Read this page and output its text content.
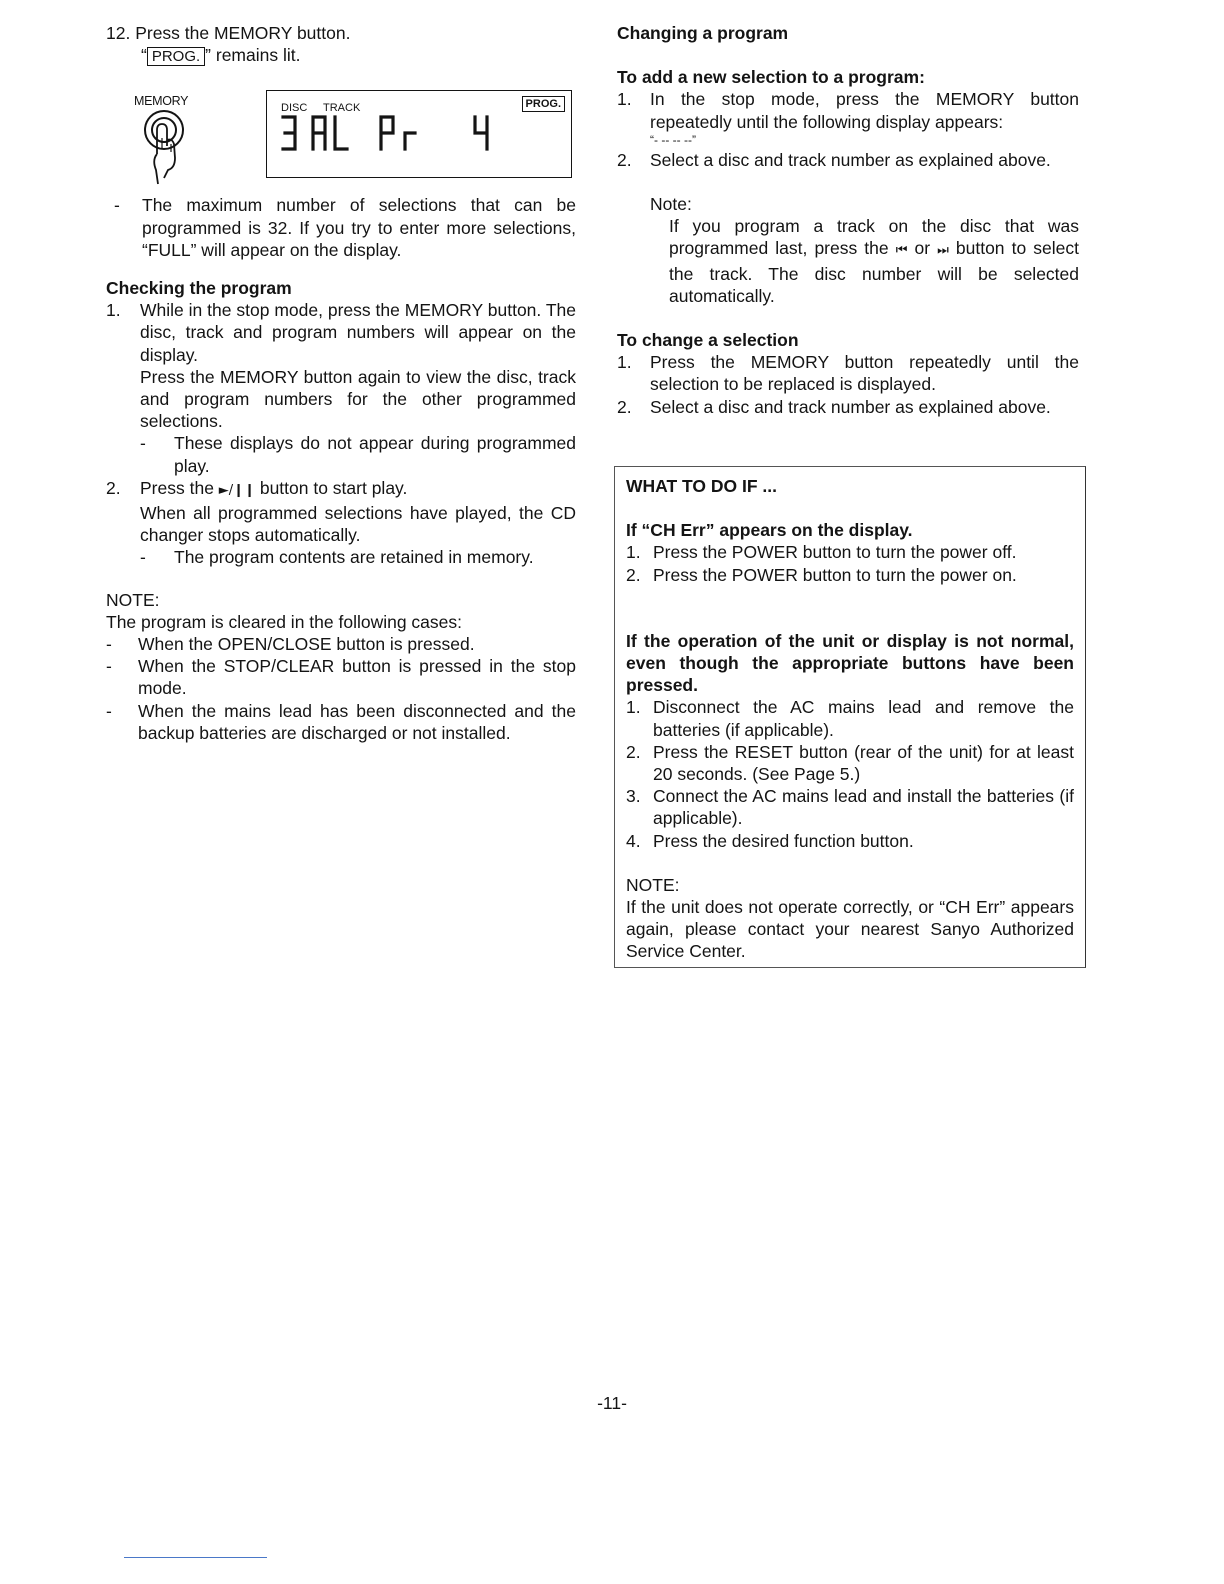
12. Press the MEMORY button.

“ PROG. ” remains lit.

MEMORY	DISC TRACK	PROG.
-	The maximum number of selections that can be programmed is 32. If you try to enter more selections, “FULL” will appear on the display.

Checking the program

1.	While in the stop mode, press the MEMORY button. The disc, track and program numbers will appear on the display.

Press the MEMORY button again to view the disc, track and program numbers for the other programmed selections.

-	These displays do not appear during programmed play.
2.	Press the ►/❙❙ button to start play.

When all programmed selections have played, the CD changer stops automatically.

-	The program contents are retained in memory.

NOTE:

The program is cleared in the following cases:

-	When the OPEN/CLOSE button is pressed.
-	When the STOP/CLEAR button is pressed in the stop mode.
-	When the mains lead has been disconnected and the backup batteries are discharged or not installed.

Changing a program

To add a new selection to a program:

1.	In the stop mode, press the MEMORY button repeatedly until the following display appears:

“- -- -- --”

2.	Select a disc and track number as explained above.

Note:

If you program a track on the disc that was programmed last, press the ⏮ or ⏭ button to select the track. The disc number will be selected automatically.

To change a selection

1.	Press the MEMORY button repeatedly until the selection to be replaced is displayed.
2.	Select a disc and track number as explained above.

WHAT TO DO IF ...

If “CH Err” appears on the display.

1. Press the POWER button to turn the power off.
2. Press the POWER button to turn the power on.

If the operation of the unit or display is not normal, even though the appropriate buttons have been pressed.

1. Disconnect the AC mains lead and remove the batteries (if applicable).
2. Press the RESET button (rear of the unit) for at least 20 seconds. (See Page 5.)
3. Connect the AC mains lead and install the batteries (if applicable).
4. Press the desired function button.

NOTE:

If the unit does not operate correctly, or “CH Err” appears again, please contact your nearest Sanyo Authorized Service Center.

-11-
